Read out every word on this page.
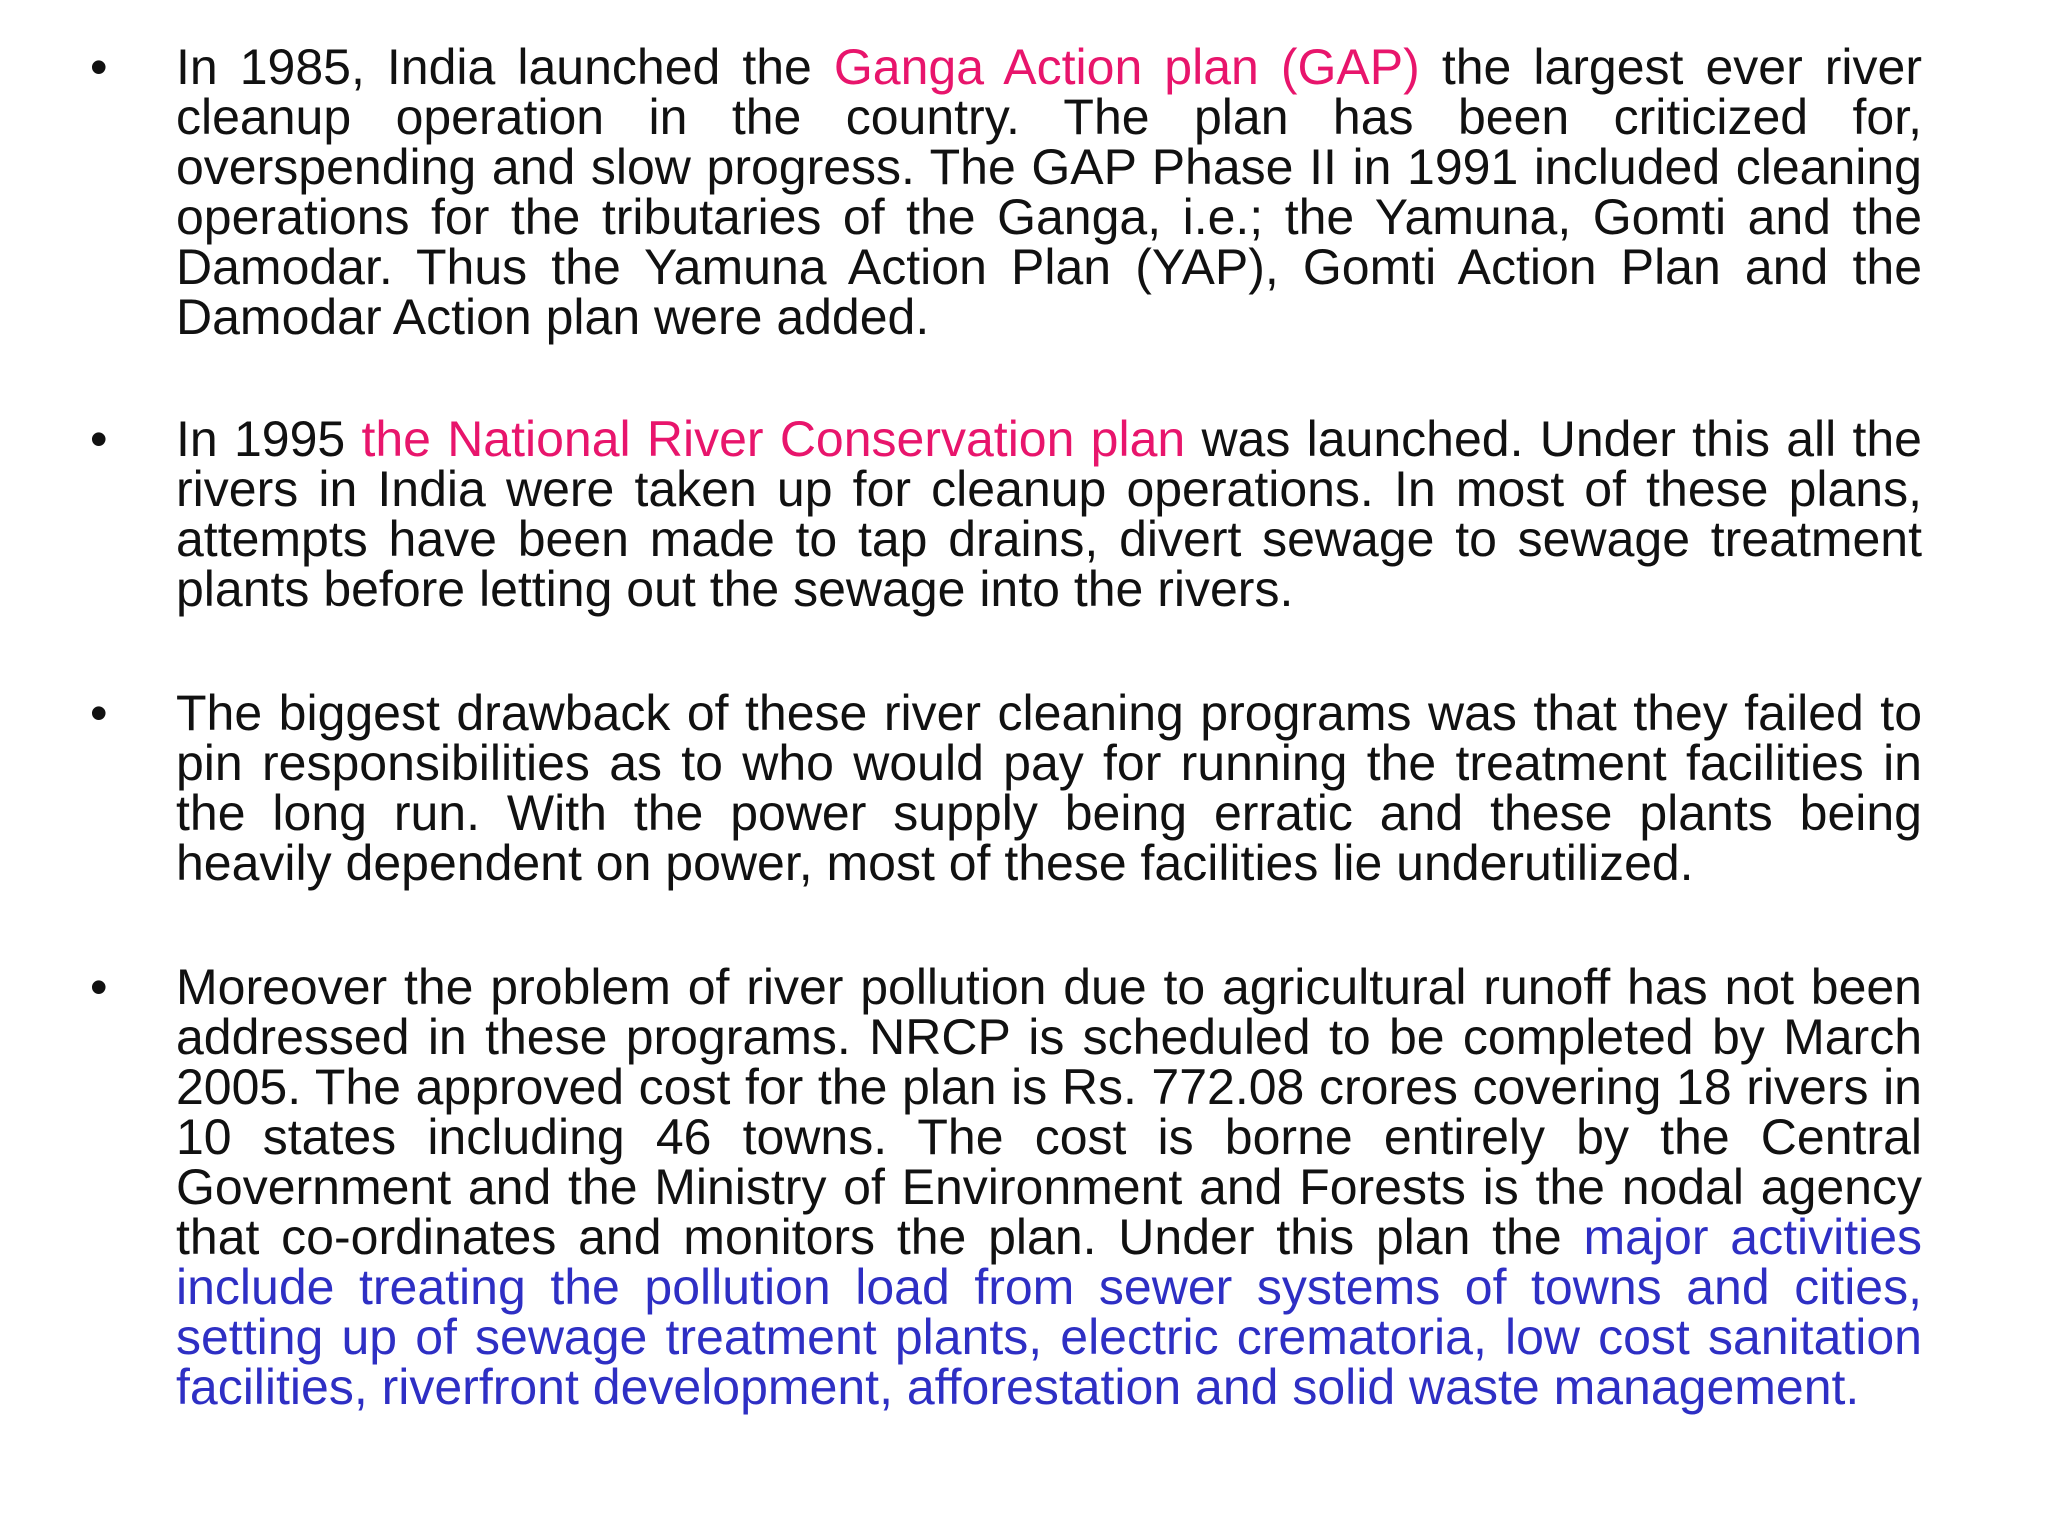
• In 1985, India launched the Ganga Action plan (GAP) the largest ever river cleanup operation in the country. The plan has been criticized for, overspending and slow progress. The GAP Phase II in 1991 included cleaning operations for the tributaries of the Ganga, i.e.; the Yamuna, Gomti and the Damodar. Thus the Yamuna Action Plan (YAP), Gomti Action Plan and the Damodar Action plan were added.
• In 1995 the National River Conservation plan was launched. Under this all the rivers in India were taken up for cleanup operations. In most of these plans, attempts have been made to tap drains, divert sewage to sewage treatment plants before letting out the sewage into the rivers.
• The biggest drawback of these river cleaning programs was that they failed to pin responsibilities as to who would pay for running the treatment facilities in the long run. With the power supply being erratic and these plants being heavily dependent on power, most of these facilities lie underutilized.
• Moreover the problem of river pollution due to agricultural runoff has not been addressed in these programs. NRCP is scheduled to be completed by March 2005. The approved cost for the plan is Rs. 772.08 crores covering 18 rivers in 10 states including 46 towns. The cost is borne entirely by the Central Government and the Ministry of Environment and Forests is the nodal agency that co-ordinates and monitors the plan. Under this plan the major activities include treating the pollution load from sewer systems of towns and cities, setting up of sewage treatment plants, electric crematoria, low cost sanitation facilities, riverfront development, afforestation and solid waste management.
